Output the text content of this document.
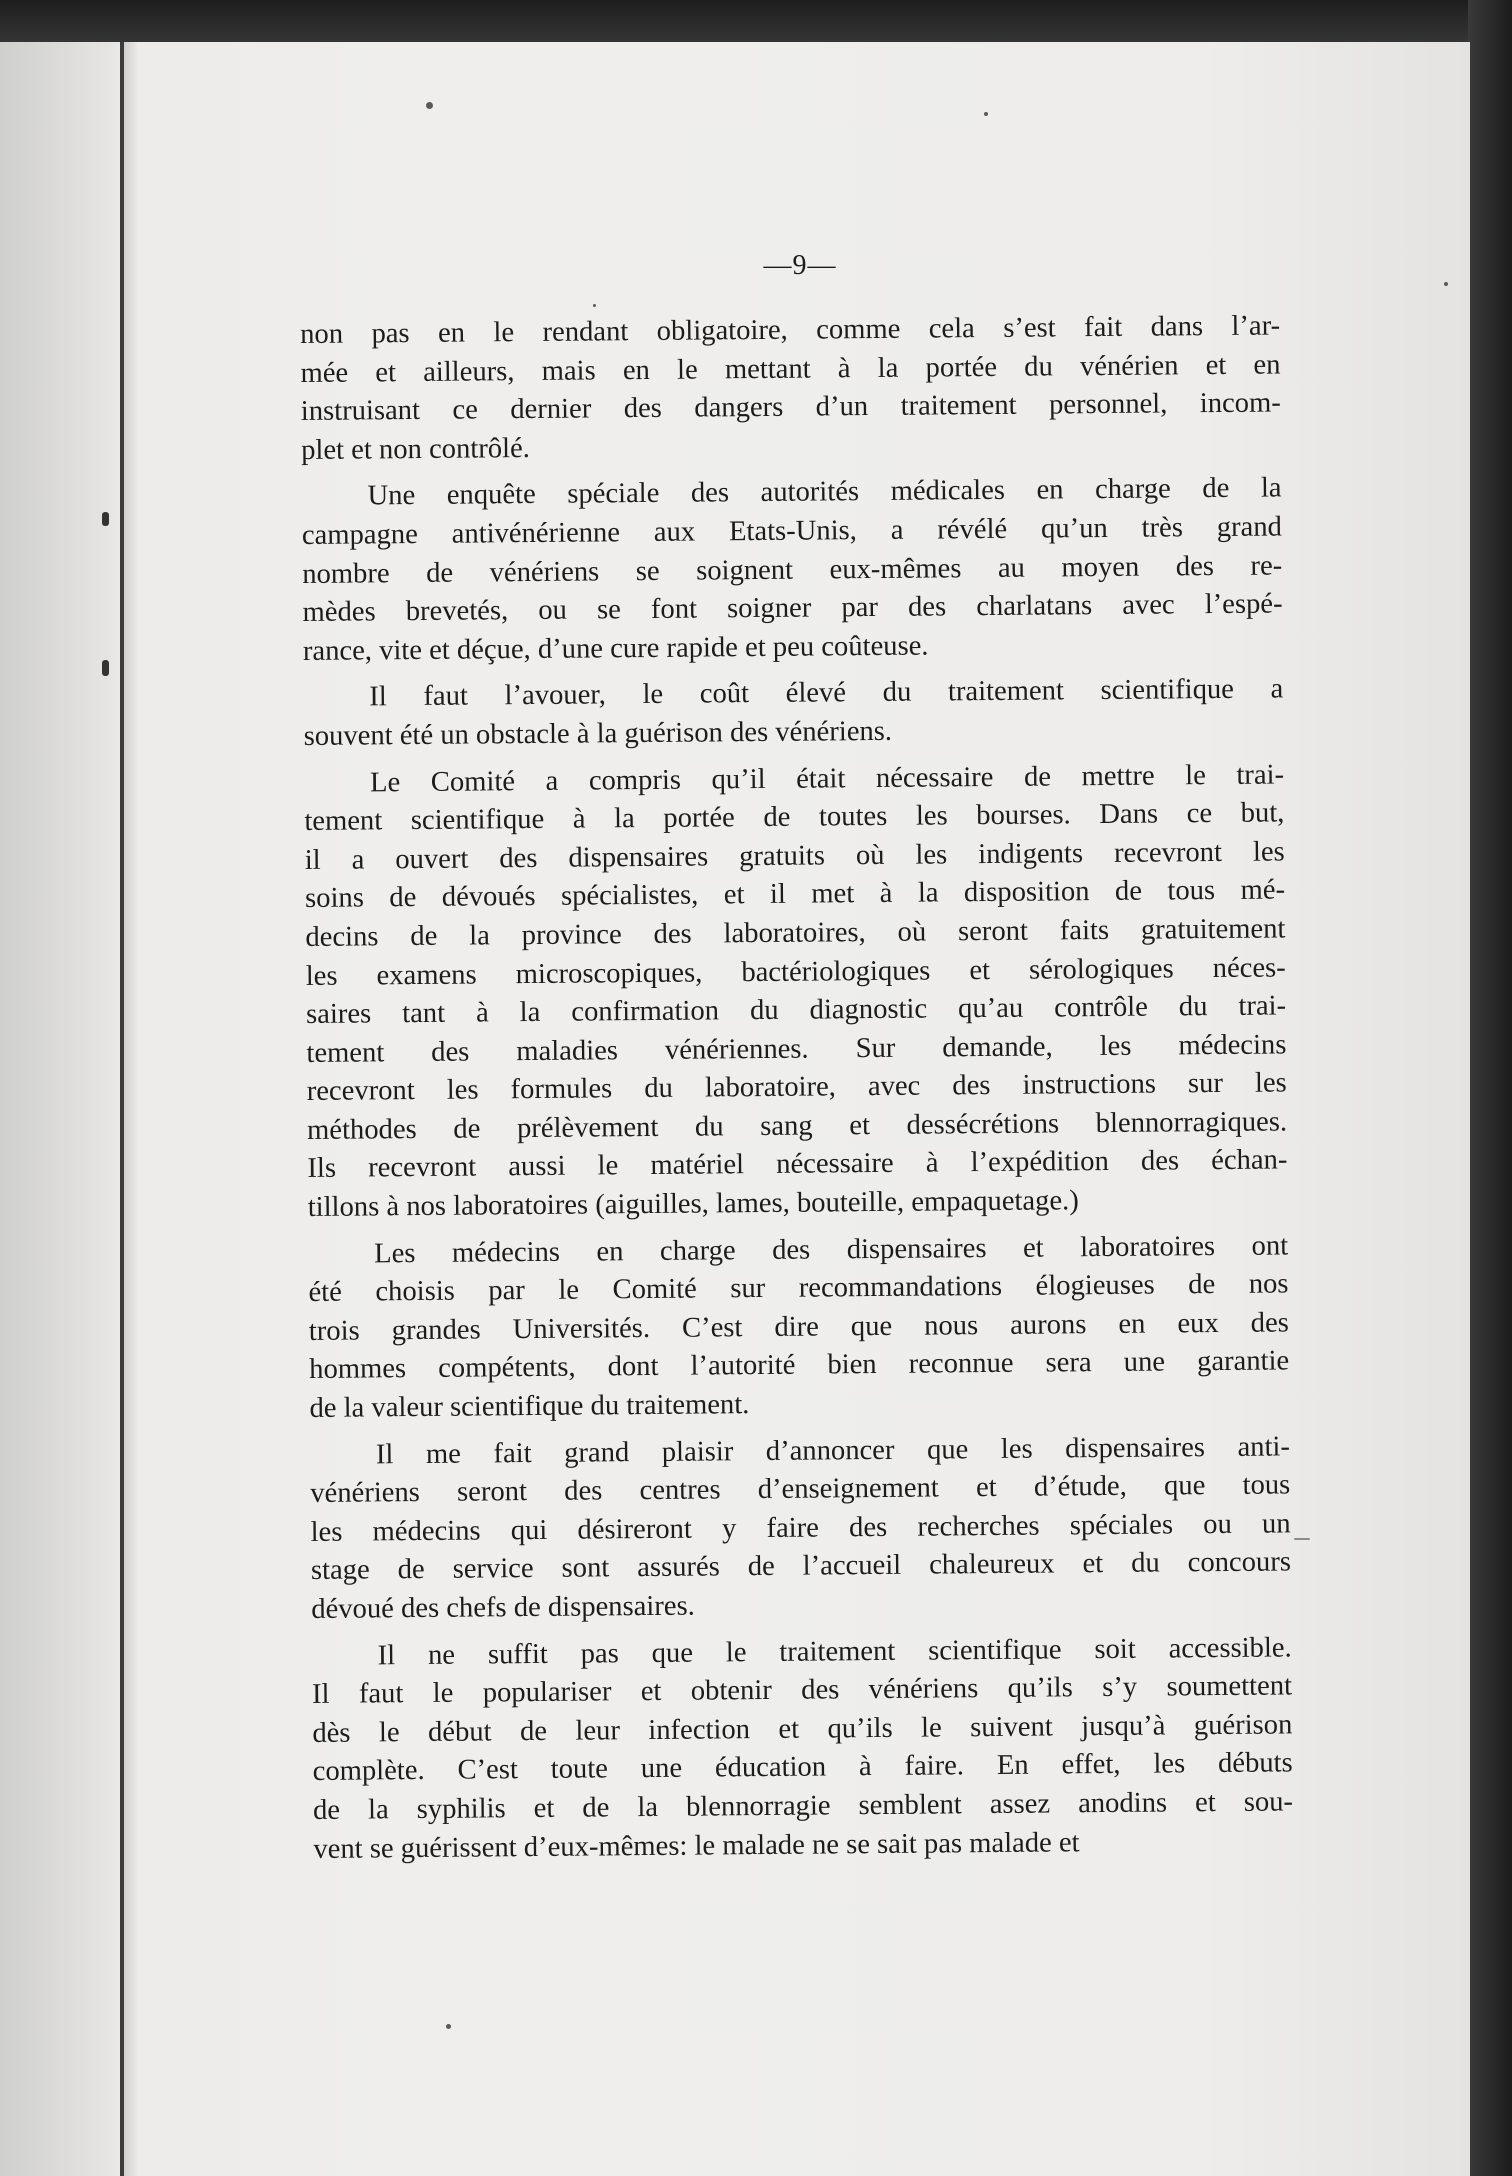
—9—

non pas en le rendant obligatoire, comme cela s’est fait dans l’ar-
mée et ailleurs, mais en le mettant à la portée du vénérien et en
instruisant ce dernier des dangers d’un traitement personnel, incom-
plet et non contrôlé.

Une enquête spéciale des autorités médicales en charge de la
campagne antivénérienne aux Etats-Unis, a révélé qu’un très grand
nombre de vénériens se soignent eux-mêmes au moyen des re-
mèdes brevetés, ou se font soigner par des charlatans avec l’espé-
rance, vite et déçue, d’une cure rapide et peu coûteuse.

Il faut l’avouer, le coût élevé du traitement scientifique a
souvent été un obstacle à la guérison des vénériens.

Le Comité a compris qu’il était nécessaire de mettre le trai-
tement scientifique à la portée de toutes les bourses. Dans ce but,
il a ouvert des dispensaires gratuits où les indigents recevront les
soins de dévoués spécialistes, et il met à la disposition de tous mé-
decins de la province des laboratoires, où seront faits gratuitement
les examens microscopiques, bactériologiques et sérologiques néces-
saires tant à la confirmation du diagnostic qu’au contrôle du trai-
tement des maladies vénériennes. Sur demande, les médecins
recevront les formules du laboratoire, avec des instructions sur les
méthodes de prélèvement du sang et dessécrétions blennorragiques.
Ils recevront aussi le matériel nécessaire à l’expédition des échan-
tillons à nos laboratoires (aiguilles, lames, bouteille, empaquetage.)

Les médecins en charge des dispensaires et laboratoires ont
été choisis par le Comité sur recommandations élogieuses de nos
trois grandes Universités. C’est dire que nous aurons en eux des
hommes compétents, dont l’autorité bien reconnue sera une garantie
de la valeur scientifique du traitement.

Il me fait grand plaisir d’annoncer que les dispensaires anti-
vénériens seront des centres d’enseignement et d’étude, que tous
les médecins qui désireront y faire des recherches spéciales ou un
stage de service sont assurés de l’accueil chaleureux et du concours
dévoué des chefs de dispensaires.

Il ne suffit pas que le traitement scientifique soit accessible.
Il faut le populariser et obtenir des vénériens qu’ils s’y soumettent
dès le début de leur infection et qu’ils le suivent jusqu’à guérison
complète. C’est toute une éducation à faire. En effet, les débuts
de la syphilis et de la blennorragie semblent assez anodins et sou-
vent se guérissent d’eux-mêmes: le malade ne se sait pas malade et
